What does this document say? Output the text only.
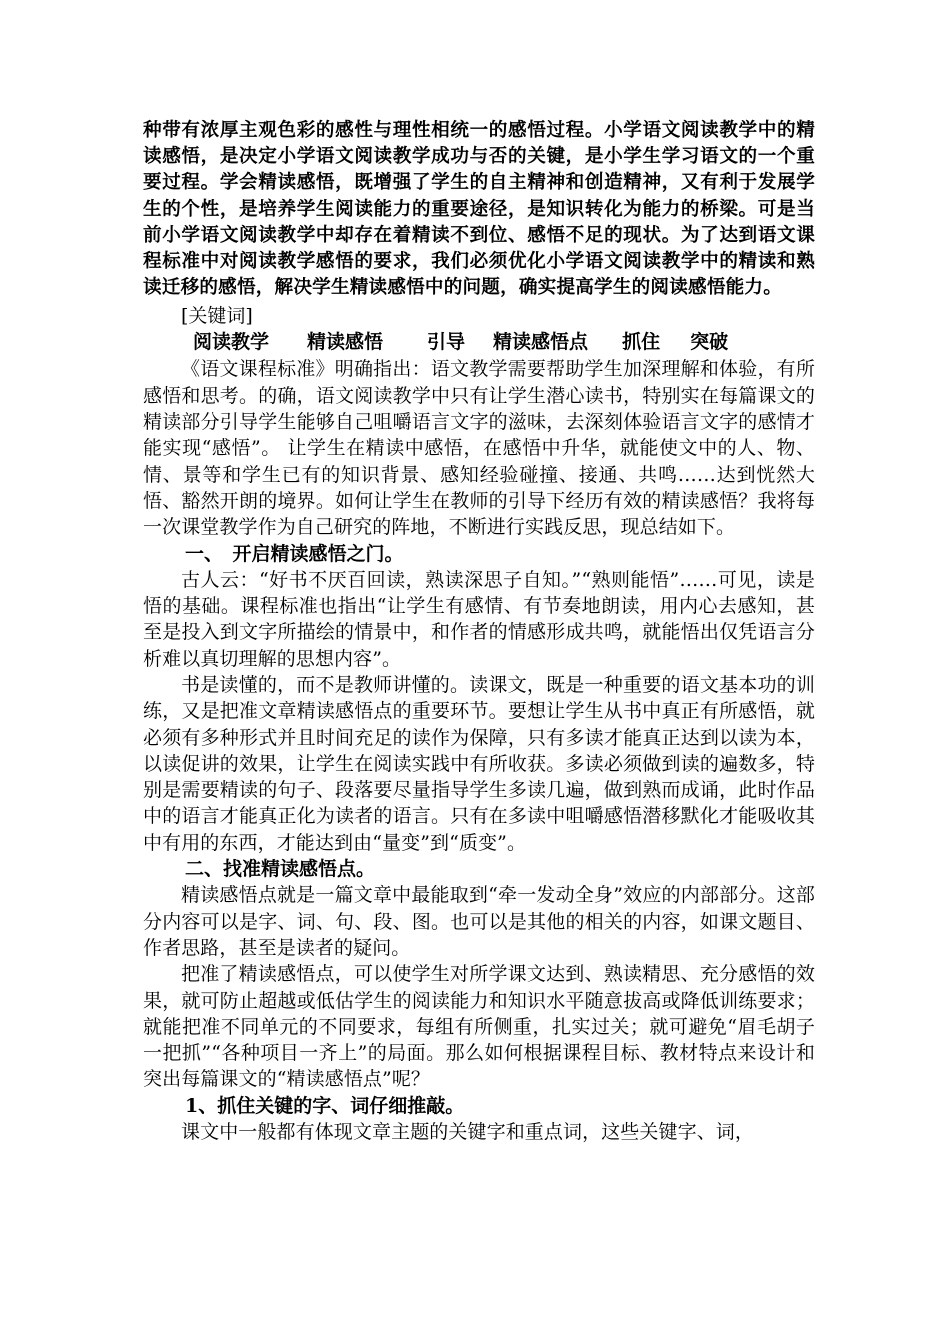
种带有浓厚主观色彩的感性与理性相统一的感悟过程。小学语文阅读教学中的精读感悟，是决定小学语文阅读教学成功与否的关键，是小学生学习语文的一个重要过程。学会精读感悟，既增强了学生的自主精神和创造精神，又有利于发展学生的个性，是培养学生阅读能力的重要途径，是知识转化为能力的桥梁。可是当前小学语文阅读教学中却存在着精读不到位、感悟不足的现状。为了达到语文课程标准中对阅读教学感悟的要求，我们必须优化小学语文阅读教学中的精读和熟读迁移的感悟，解决学生精读感悟中的问题，确实提高学生的阅读感悟能力。

[关键词]
阅读教学 精读感悟 引导 精读感悟点 抓住 突破

《语文课程标准》明确指出：语文教学需要帮助学生加深理解和体验，有所感悟和思考。的确，语文阅读教学中只有让学生潜心读书，特别实在每篇课文的精读部分引导学生能够自己咀嚼语言文字的滋味，去深刻体验语言文字的感情才能实现“感悟”。 让学生在精读中感悟，在感悟中升华，就能使文中的人、物、情、景等和学生已有的知识背景、感知经验碰撞、接通、共鸣……达到恍然大悟、豁然开朗的境界。如何让学生在教师的引导下经历有效的精读感悟？我将每一次课堂教学作为自己研究的阵地，不断进行实践反思，现总结如下。

一、　开启精读感悟之门。

古人云：“好书不厌百回读，熟读深思子自知。”“熟则能悟”……可见，读是悟的基础。课程标准也指出“让学生有感情、有节奏地朗读，用内心去感知，甚至是投入到文字所描绘的情景中，和作者的情感形成共鸣，就能悟出仅凭语言分析难以真切理解的思想内容”。

书是读懂的，而不是教师讲懂的。读课文，既是一种重要的语文基本功的训练，又是把准文章精读感悟点的重要环节。要想让学生从书中真正有所感悟，就必须有多种形式并且时间充足的读作为保障，只有多读才能真正达到以读为本，以读促讲的效果，让学生在阅读实践中有所收获。多读必须做到读的遍数多，特别是需要精读的句子、段落要尽量指导学生多读几遍，做到熟而成诵，此时作品中的语言才能真正化为读者的语言。只有在多读中咀嚼感悟潜移默化才能吸收其中有用的东西，才能达到由“量变”到“质变”。

二、找准精读感悟点。

精读感悟点就是一篇文章中最能取到“牵一发动全身”效应的内部部分。这部分内容可以是字、词、句、段、图。也可以是其他的相关的内容，如课文题目、作者思路，甚至是读者的疑问。

把准了精读感悟点，可以使学生对所学课文达到、熟读精思、充分感悟的效果，就可防止超越或低估学生的阅读能力和知识水平随意拔高或降低训练要求；就能把准不同单元的不同要求，每组有所侧重，扎实过关；就可避免“眉毛胡子一把抓”“各种项目一齐上”的局面。那么如何根据课程目标、教材特点来设计和突出每篇课文的“精读感悟点”呢？

1、抓住关键的字、词仔细推敲。

课文中一般都有体现文章主题的关键字和重点词，这些关键字、词，
